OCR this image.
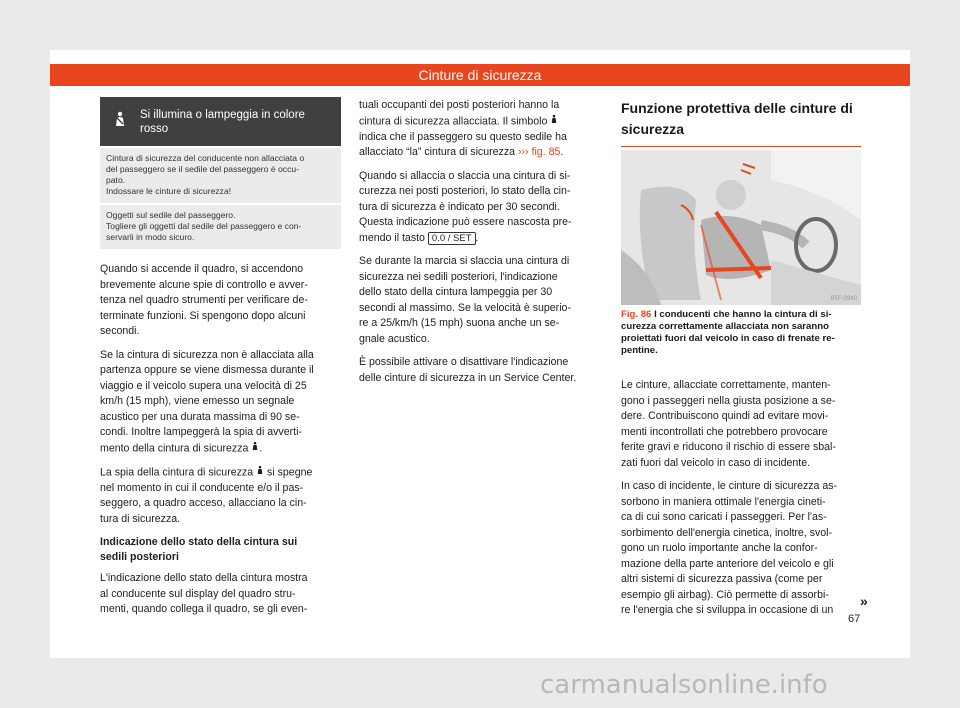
Cinture di sicurezza
Si illumina o lampeggia in colore
rosso
Cintura di sicurezza del conducente non allacciata o
del passeggero se il sedile del passeggero è occu-
pato.
Indossare le cinture di sicurezza!
Oggetti sul sedile del passeggero.
Togliere gli oggetti dal sedile del passeggero e con-
servarli in modo sicuro.

Quando si accende il quadro, si accendono
brevemente alcune spie di controllo e avver-
tenza nel quadro strumenti per verificare de-
terminate funzioni. Si spengono dopo alcuni
secondi.

Se la cintura di sicurezza non è allacciata alla
partenza oppure se viene dismessa durante il
viaggio e il veicolo supera una velocità di 25
km/h (15 mph), viene emesso un segnale
acustico per una durata massima di 90 se-
condi. Inoltre lampeggerà la spia di avverti-
mento della cintura di sicurezza .

La spia della cintura di sicurezza si spegne
nel momento in cui il conducente e/o il pas-
seggero, a quadro acceso, allacciano la cin-
tura di sicurezza.

Indicazione dello stato della cintura sui
sedili posteriori

L'indicazione dello stato della cintura mostra
al conducente sul display del quadro stru-
menti, quando collega il quadro, se gli even-

tuali occupanti dei posti posteriori hanno la
cintura di sicurezza allacciata. Il simbolo
indica che il passeggero su questo sedile ha
allacciato “la” cintura di sicurezza ››› fig. 85.

Quando si allaccia o slaccia una cintura di si-
curezza nei posti posteriori, lo stato della cin-
tura di sicurezza è indicato per 30 secondi.
Questa indicazione può essere nascosta pre-
mendo il tasto 0.0 / SET .

Se durante la marcia si slaccia una cintura di
sicurezza nei sedili posteriori, l'indicazione
dello stato della cintura lampeggia per 30
secondi al massimo. Se la velocità è superio-
re a 25/km/h (15 mph) suona anche un se-
gnale acustico.

È possibile attivare o disattivare l'indicazione
delle cinture di sicurezza in un Service Center.

Funzione protettiva delle cinture di
sicurezza
B5F-0940
Fig. 86 I conducenti che hanno la cintura di si-
curezza correttamente allacciata non saranno
proiettati fuori dal veicolo in caso di frenate re-
pentine.

Le cinture, allacciate correttamente, manten-
gono i passeggeri nella giusta posizione a se-
dere. Contribuiscono quindi ad evitare movi-
menti incontrollati che potrebbero provocare
ferite gravi e riducono il rischio di essere sbal-
zati fuori dal veicolo in caso di incidente.

In caso di incidente, le cinture di sicurezza as-
sorbono in maniera ottimale l'energia cineti-
ca di cui sono caricati i passeggeri. Per l'as-
sorbimento dell'energia cinetica, inoltre, svol-
gono un ruolo importante anche la confor-
mazione della parte anteriore del veicolo e gli
altri sistemi di sicurezza passiva (come per
esempio gli airbag). Ciò permette di assorbi-
re l'energia che si sviluppa in occasione di un

»
67
carmanualsonline.info
